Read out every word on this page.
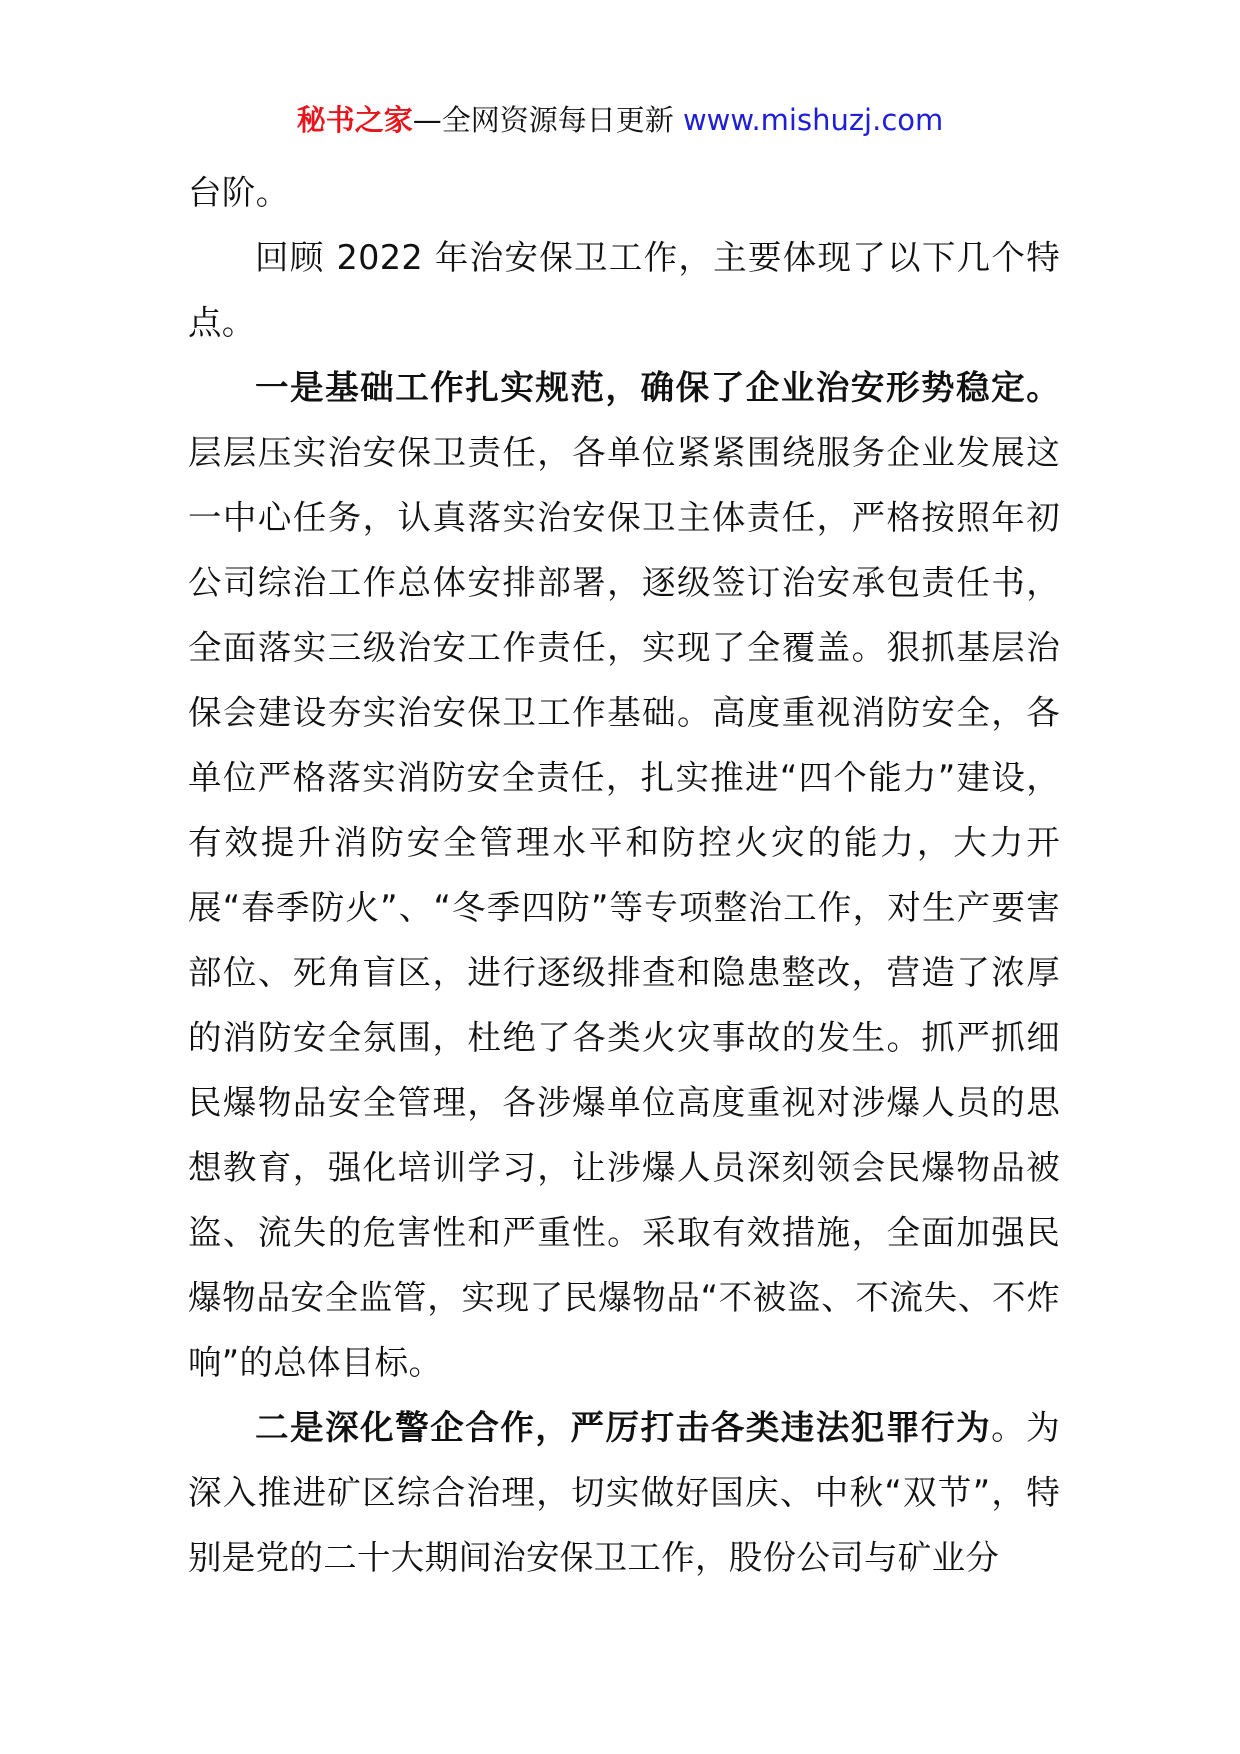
秘书之家—全网资源每日更新 www.mishuzj.com

台阶。

回顾 2022 年治安保卫工作，主要体现了以下几个特点。

一是基础工作扎实规范，确保了企业治安形势稳定。层层压实治安保卫责任，各单位紧紧围绕服务企业发展这一中心任务，认真落实治安保卫主体责任，严格按照年初公司综治工作总体安排部署，逐级签订治安承包责任书，全面落实三级治安工作责任，实现了全覆盖。狠抓基层治保会建设夯实治安保卫工作基础。高度重视消防安全，各单位严格落实消防安全责任，扎实推进“四个能力”建设，有效提升消防安全管理水平和防控火灾的能力，大力开展“春季防火”、“冬季四防”等专项整治工作，对生产要害部位、死角盲区，进行逐级排查和隐患整改，营造了浓厚的消防安全氛围，杜绝了各类火灾事故的发生。抓严抓细民爆物品安全管理，各涉爆单位高度重视对涉爆人员的思想教育，强化培训学习，让涉爆人员深刻领会民爆物品被盗、流失的危害性和严重性。采取有效措施，全面加强民爆物品安全监管，实现了民爆物品“不被盗、不流失、不炸响”的总体目标。

二是深化警企合作，严厉打击各类违法犯罪行为。为深入推进矿区综合治理，切实做好国庆、中秋“双节”，特别是党的二十大期间治安保卫工作，股份公司与矿业分
